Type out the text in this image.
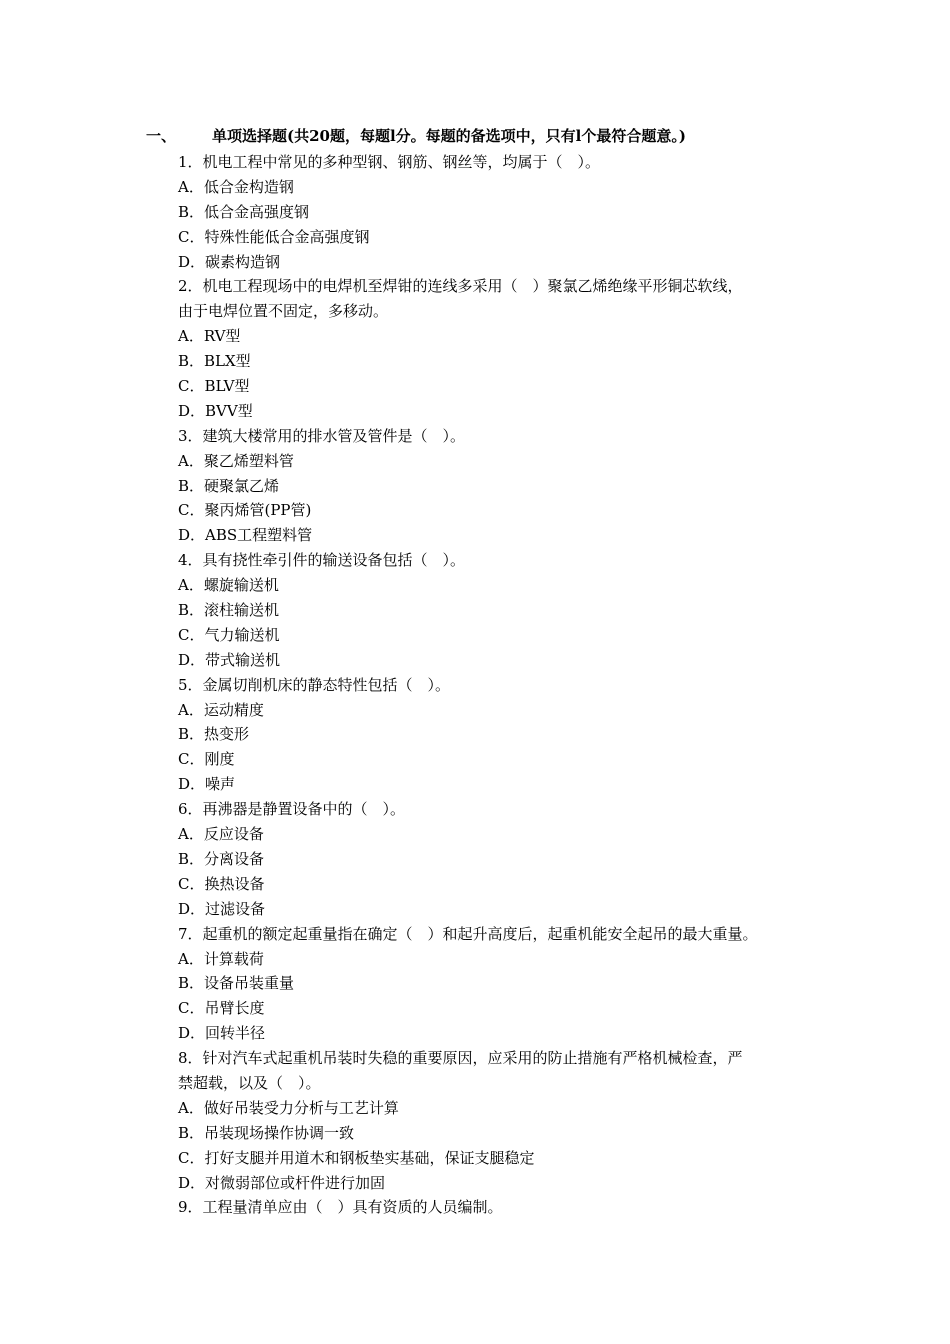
一、 单项选择题(共20题，每题l分。每题的备选项中，只有l个最符合题意。)
1．机电工程中常见的多种型钢、钢筋、钢丝等，均属于（　）。
A．低合金构造钢
B．低合金高强度钢
C．特殊性能低合金高强度钢
D．碳素构造钢
2．机电工程现场中的电焊机至焊钳的连线多采用（　）聚氯乙烯绝缘平形铜芯软线，
由于电焊位置不固定，多移动。
A．RV型
B．BLX型
C．BLV型
D．BVV型
3．建筑大楼常用的排水管及管件是（　）。
A．聚乙烯塑料管
B．硬聚氯乙烯
C．聚丙烯管(PP管)
D．ABS工程塑料管
4．具有挠性牵引件的输送设备包括（　）。
A．螺旋输送机
B．滚柱输送机
C．气力输送机
D．带式输送机
5．金属切削机床的静态特性包括（　）。
A．运动精度
B．热变形
C．刚度
D．噪声
6．再沸器是静置设备中的（　）。
A．反应设备
B．分离设备
C．换热设备
D．过滤设备
7．起重机的额定起重量指在确定（　）和起升高度后，起重机能安全起吊的最大重量。
A．计算载荷
B．设备吊装重量
C．吊臂长度
D．回转半径
8．针对汽车式起重机吊装时失稳的重要原因，应采用的防止措施有严格机械检查，严
禁超载，以及（　）。
A．做好吊装受力分析与工艺计算
B．吊装现场操作协调一致
C．打好支腿并用道木和钢板垫实基础，保证支腿稳定
D．对微弱部位或杆件进行加固
9．工程量清单应由（　）具有资质的人员编制。
